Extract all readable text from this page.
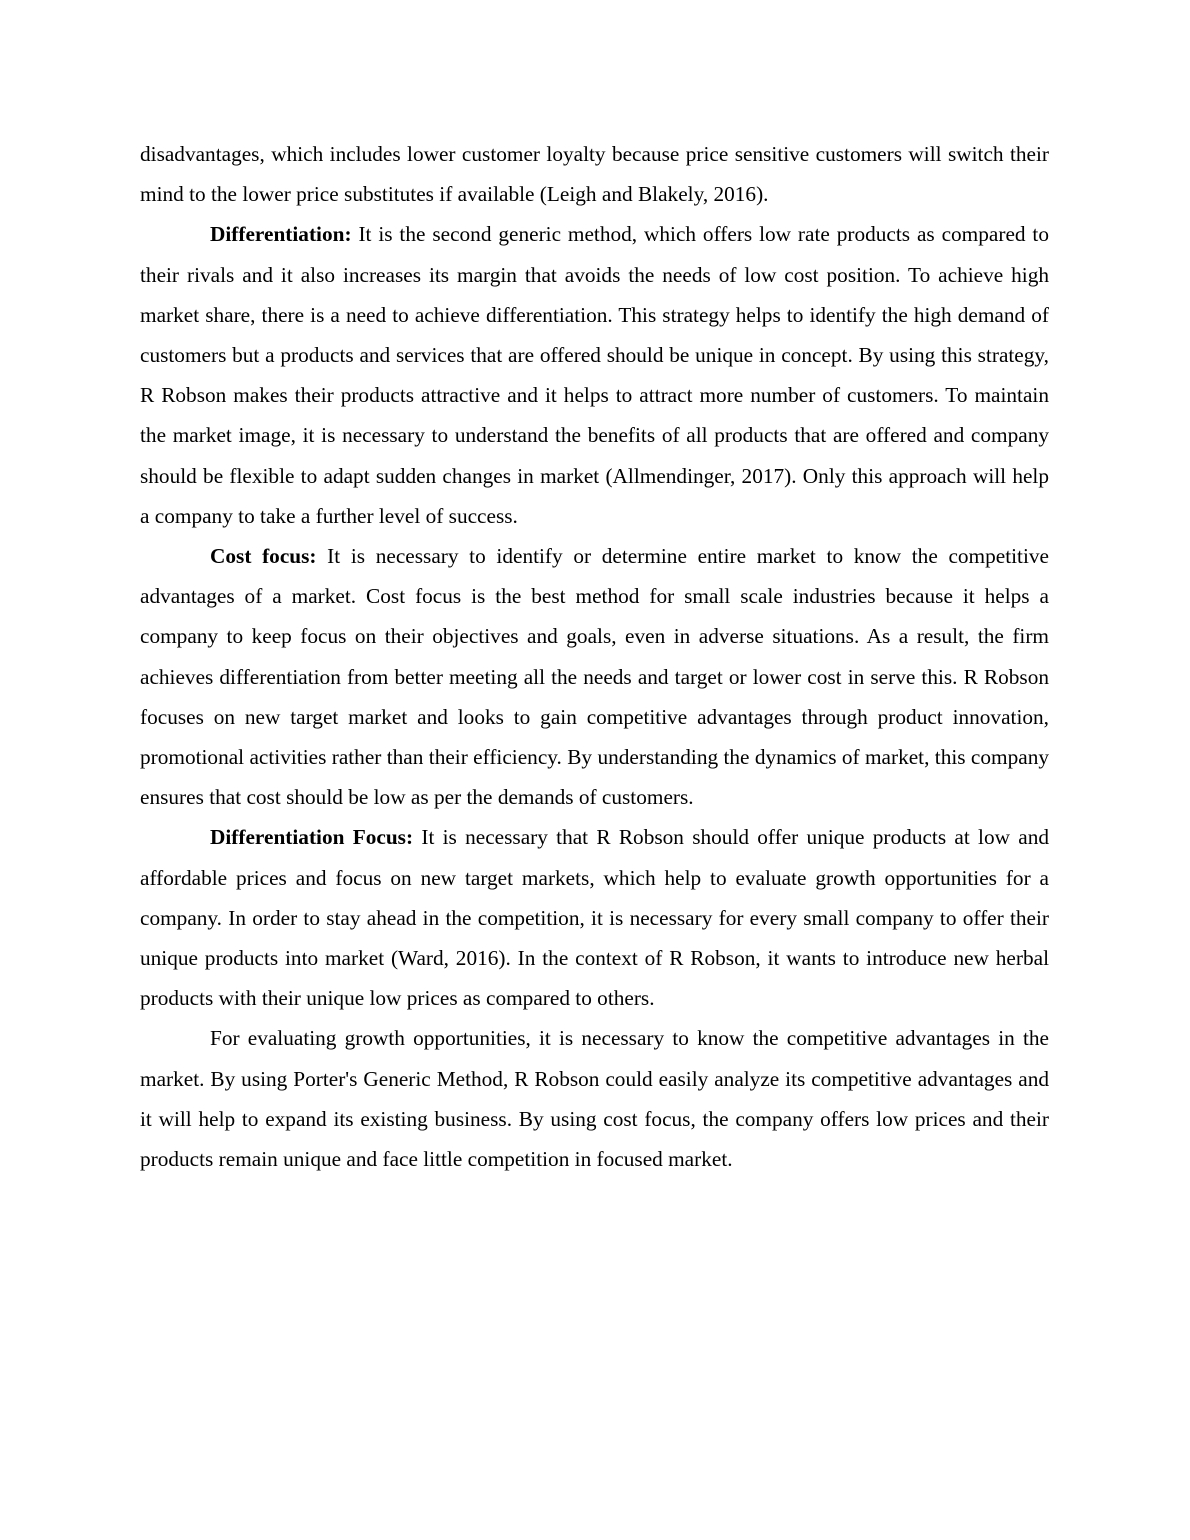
disadvantages, which includes lower customer loyalty because price sensitive customers will switch their mind to the lower price substitutes if available (Leigh and Blakely, 2016).

Differentiation: It is the second generic method, which offers low rate products as compared to their rivals and it also increases its margin that avoids the needs of low cost position. To achieve high market share, there is a need to achieve differentiation. This strategy helps to identify the high demand of customers but a products and services that are offered should be unique in concept. By using this strategy, R Robson makes their products attractive and it helps to attract more number of customers. To maintain the market image, it is necessary to understand the benefits of all products that are offered and company should be flexible to adapt sudden changes in market (Allmendinger, 2017). Only this approach will help a company to take a further level of success.

Cost focus: It is necessary to identify or determine entire market to know the competitive advantages of a market. Cost focus is the best method for small scale industries because it helps a company to keep focus on their objectives and goals, even in adverse situations. As a result, the firm achieves differentiation from better meeting all the needs and target or lower cost in serve this. R Robson focuses on new target market and looks to gain competitive advantages through product innovation, promotional activities rather than their efficiency. By understanding the dynamics of market, this company ensures that cost should be low as per the demands of customers.

Differentiation Focus: It is necessary that R Robson should offer unique products at low and affordable prices and focus on new target markets, which help to evaluate growth opportunities for a company. In order to stay ahead in the competition, it is necessary for every small company to offer their unique products into market (Ward, 2016). In the context of R Robson, it wants to introduce new herbal products with their unique low prices as compared to others.

For evaluating growth opportunities, it is necessary to know the competitive advantages in the market. By using Porter's Generic Method, R Robson could easily analyze its competitive advantages and it will help to expand its existing business. By using cost focus, the company offers low prices and their products remain unique and face little competition in focused market.
